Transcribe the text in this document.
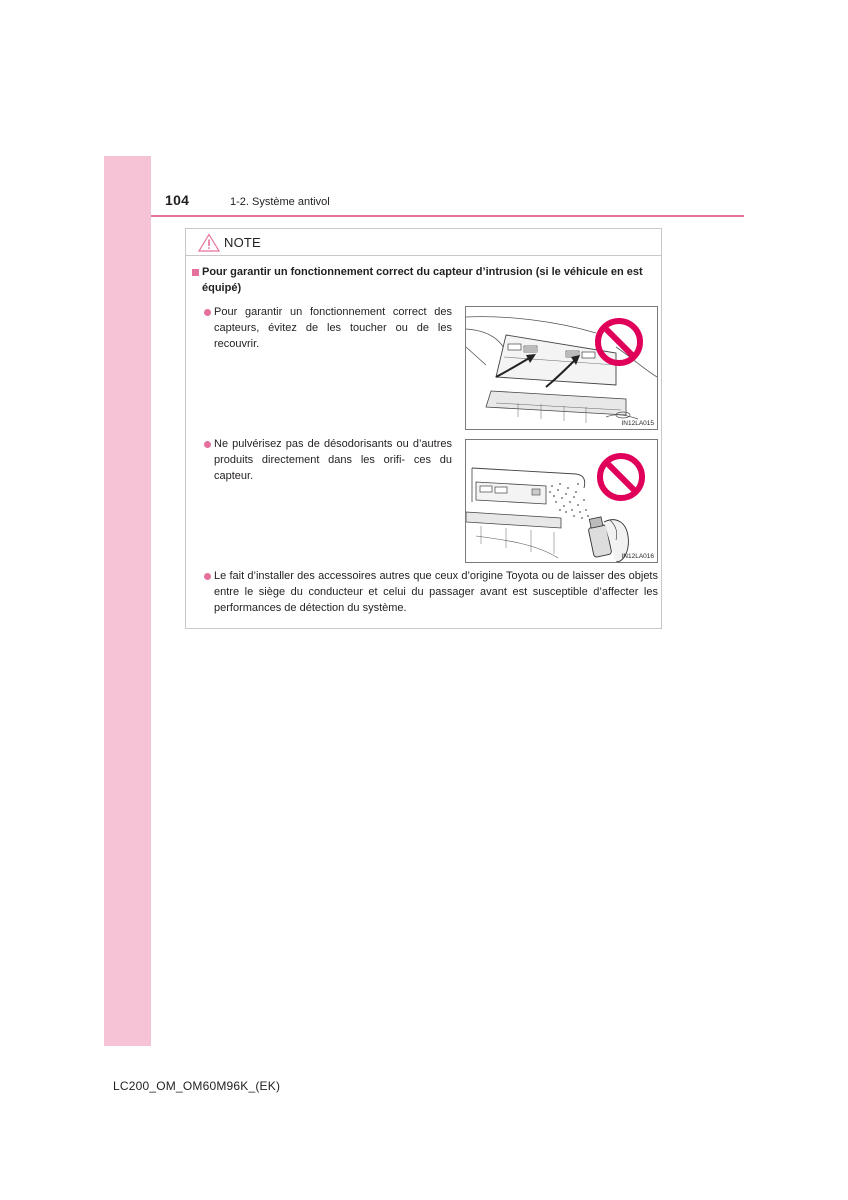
104	1-2. Système antivol
NOTE
Pour garantir un fonctionnement correct du capteur d’intrusion (si le véhicule en est équipé)
Pour garantir un fonctionnement correct des capteurs, évitez de les toucher ou de les recouvrir.
IN12LA015
Ne pulvérisez pas de désodorisants ou d’autres produits directement dans les orifi- ces du capteur.
IN12LA016
Le fait d’installer des accessoires autres que ceux d’origine Toyota ou de laisser des objets entre le siège du conducteur et celui du passager avant est susceptible d’affecter les performances de détection du système.
LC200_OM_OM60M96K_(EK)
